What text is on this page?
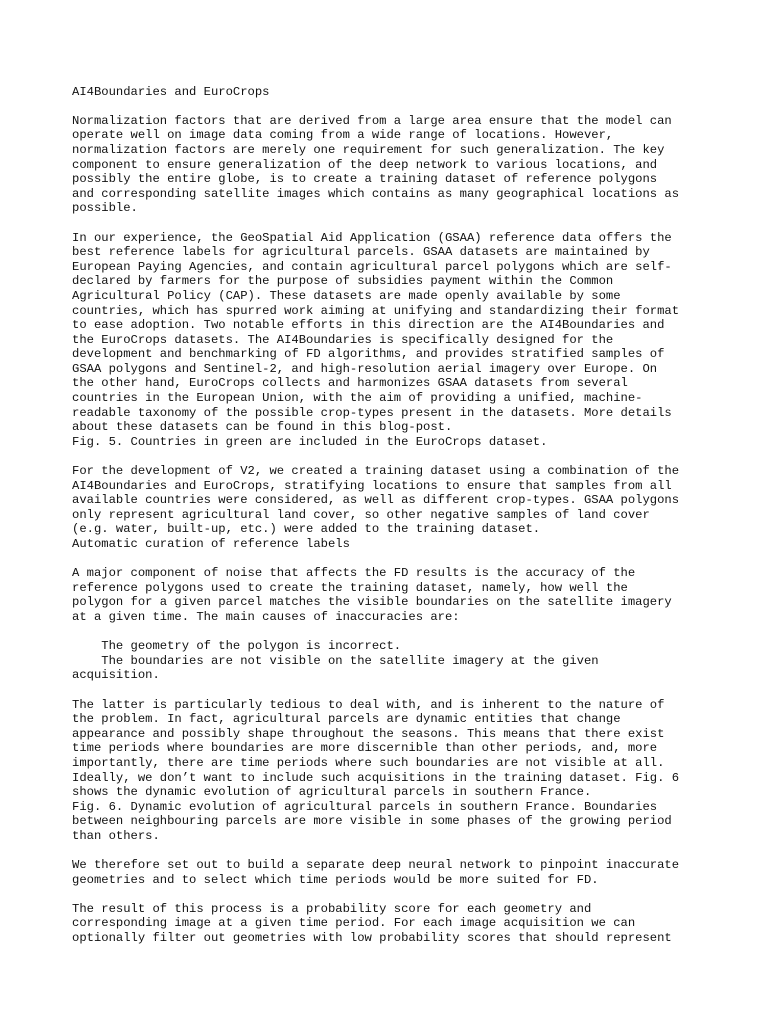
AI4Boundaries and EuroCrops
Normalization factors that are derived from a large area ensure that the model can
operate well on image data coming from a wide range of locations. However,
normalization factors are merely one requirement for such generalization. The key
component to ensure generalization of the deep network to various locations, and
possibly the entire globe, is to create a training dataset of reference polygons
and corresponding satellite images which contains as many geographical locations as
possible.
In our experience, the GeoSpatial Aid Application (GSAA) reference data offers the
best reference labels for agricultural parcels. GSAA datasets are maintained by
European Paying Agencies, and contain agricultural parcel polygons which are self-
declared by farmers for the purpose of subsidies payment within the Common
Agricultural Policy (CAP). These datasets are made openly available by some
countries, which has spurred work aiming at unifying and standardizing their format
to ease adoption. Two notable efforts in this direction are the AI4Boundaries and
the EuroCrops datasets. The AI4Boundaries is specifically designed for the
development and benchmarking of FD algorithms, and provides stratified samples of
GSAA polygons and Sentinel-2, and high-resolution aerial imagery over Europe. On
the other hand, EuroCrops collects and harmonizes GSAA datasets from several
countries in the European Union, with the aim of providing a unified, machine-
readable taxonomy of the possible crop-types present in the datasets. More details
about these datasets can be found in this blog-post.
Fig. 5. Countries in green are included in the EuroCrops dataset.
For the development of V2, we created a training dataset using a combination of the
AI4Boundaries and EuroCrops, stratifying locations to ensure that samples from all
available countries were considered, as well as different crop-types. GSAA polygons
only represent agricultural land cover, so other negative samples of land cover
(e.g. water, built-up, etc.) were added to the training dataset.
Automatic curation of reference labels
A major component of noise that affects the FD results is the accuracy of the
reference polygons used to create the training dataset, namely, how well the
polygon for a given parcel matches the visible boundaries on the satellite imagery
at a given time. The main causes of inaccuracies are:
The geometry of the polygon is incorrect.
The boundaries are not visible on the satellite imagery at the given
acquisition.
The latter is particularly tedious to deal with, and is inherent to the nature of
the problem. In fact, agricultural parcels are dynamic entities that change
appearance and possibly shape throughout the seasons. This means that there exist
time periods where boundaries are more discernible than other periods, and, more
importantly, there are time periods where such boundaries are not visible at all.
Ideally, we don’t want to include such acquisitions in the training dataset. Fig. 6
shows the dynamic evolution of agricultural parcels in southern France.
Fig. 6. Dynamic evolution of agricultural parcels in southern France. Boundaries
between neighbouring parcels are more visible in some phases of the growing period
than others.
We therefore set out to build a separate deep neural network to pinpoint inaccurate
geometries and to select which time periods would be more suited for FD.
The result of this process is a probability score for each geometry and
corresponding image at a given time period. For each image acquisition we can
optionally filter out geometries with low probability scores that should represent
